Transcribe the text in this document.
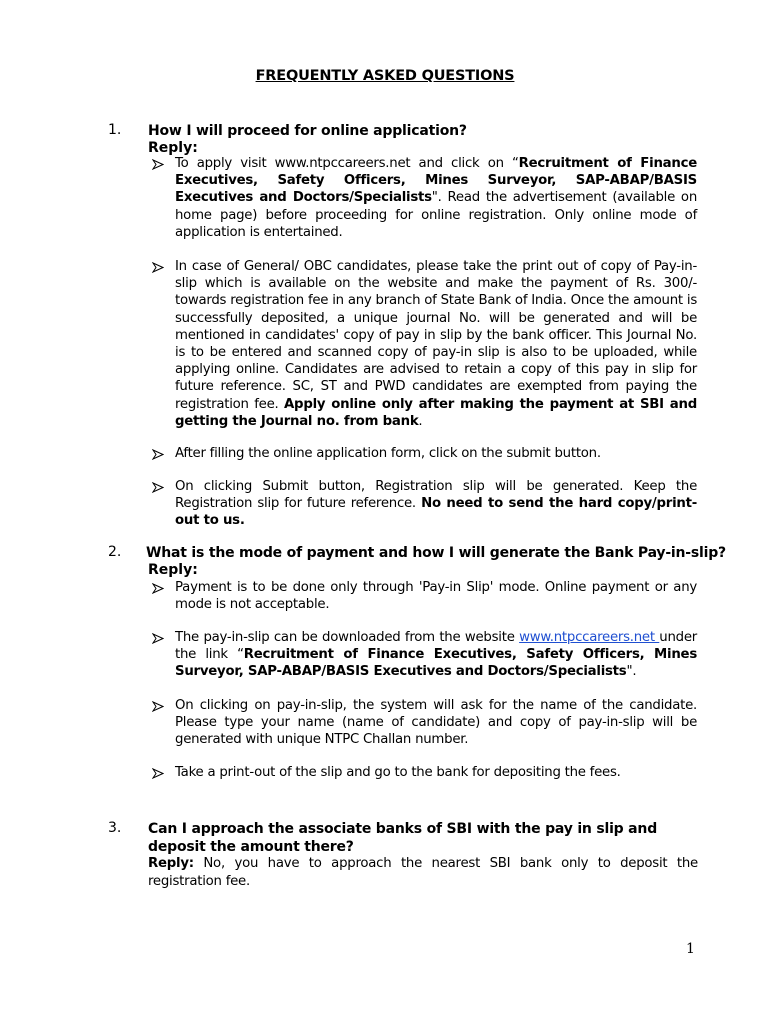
FREQUENTLY ASKED QUESTIONS
1. How I will proceed for online application?
Reply:
To apply visit www.ntpccareers.net and click on “Recruitment of Finance Executives, Safety Officers, Mines Surveyor, SAP-ABAP/BASIS Executives and Doctors/Specialists". Read the advertisement (available on home page) before proceeding for online registration. Only online mode of application is entertained.
In case of General/ OBC candidates, please take the print out of copy of Pay-in-slip which is available on the website and make the payment of Rs. 300/- towards registration fee in any branch of State Bank of India. Once the amount is successfully deposited, a unique journal No. will be generated and will be mentioned in candidates' copy of pay in slip by the bank officer. This Journal No. is to be entered and scanned copy of pay-in slip is also to be uploaded, while applying online. Candidates are advised to retain a copy of this pay in slip for future reference. SC, ST and PWD candidates are exempted from paying the registration fee. Apply online only after making the payment at SBI and getting the Journal no. from bank.
After filling the online application form, click on the submit button.
On clicking Submit button, Registration slip will be generated. Keep the Registration slip for future reference. No need to send the hard copy/print-out to us.
2. What is the mode of payment and how I will generate the Bank Pay-in-slip?
Reply:
Payment is to be done only through 'Pay-in Slip' mode. Online payment or any mode is not acceptable.
The pay-in-slip can be downloaded from the website www.ntpccareers.net under the link “Recruitment of Finance Executives, Safety Officers, Mines Surveyor, SAP-ABAP/BASIS Executives and Doctors/Specialists".
On clicking on pay-in-slip, the system will ask for the name of the candidate. Please type your name (name of candidate) and copy of pay-in-slip will be generated with unique NTPC Challan number.
Take a print-out of the slip and go to the bank for depositing the fees.
3. Can I approach the associate banks of SBI with the pay in slip and deposit the amount there?
Reply: No, you have to approach the nearest SBI bank only to deposit the registration fee.
1
